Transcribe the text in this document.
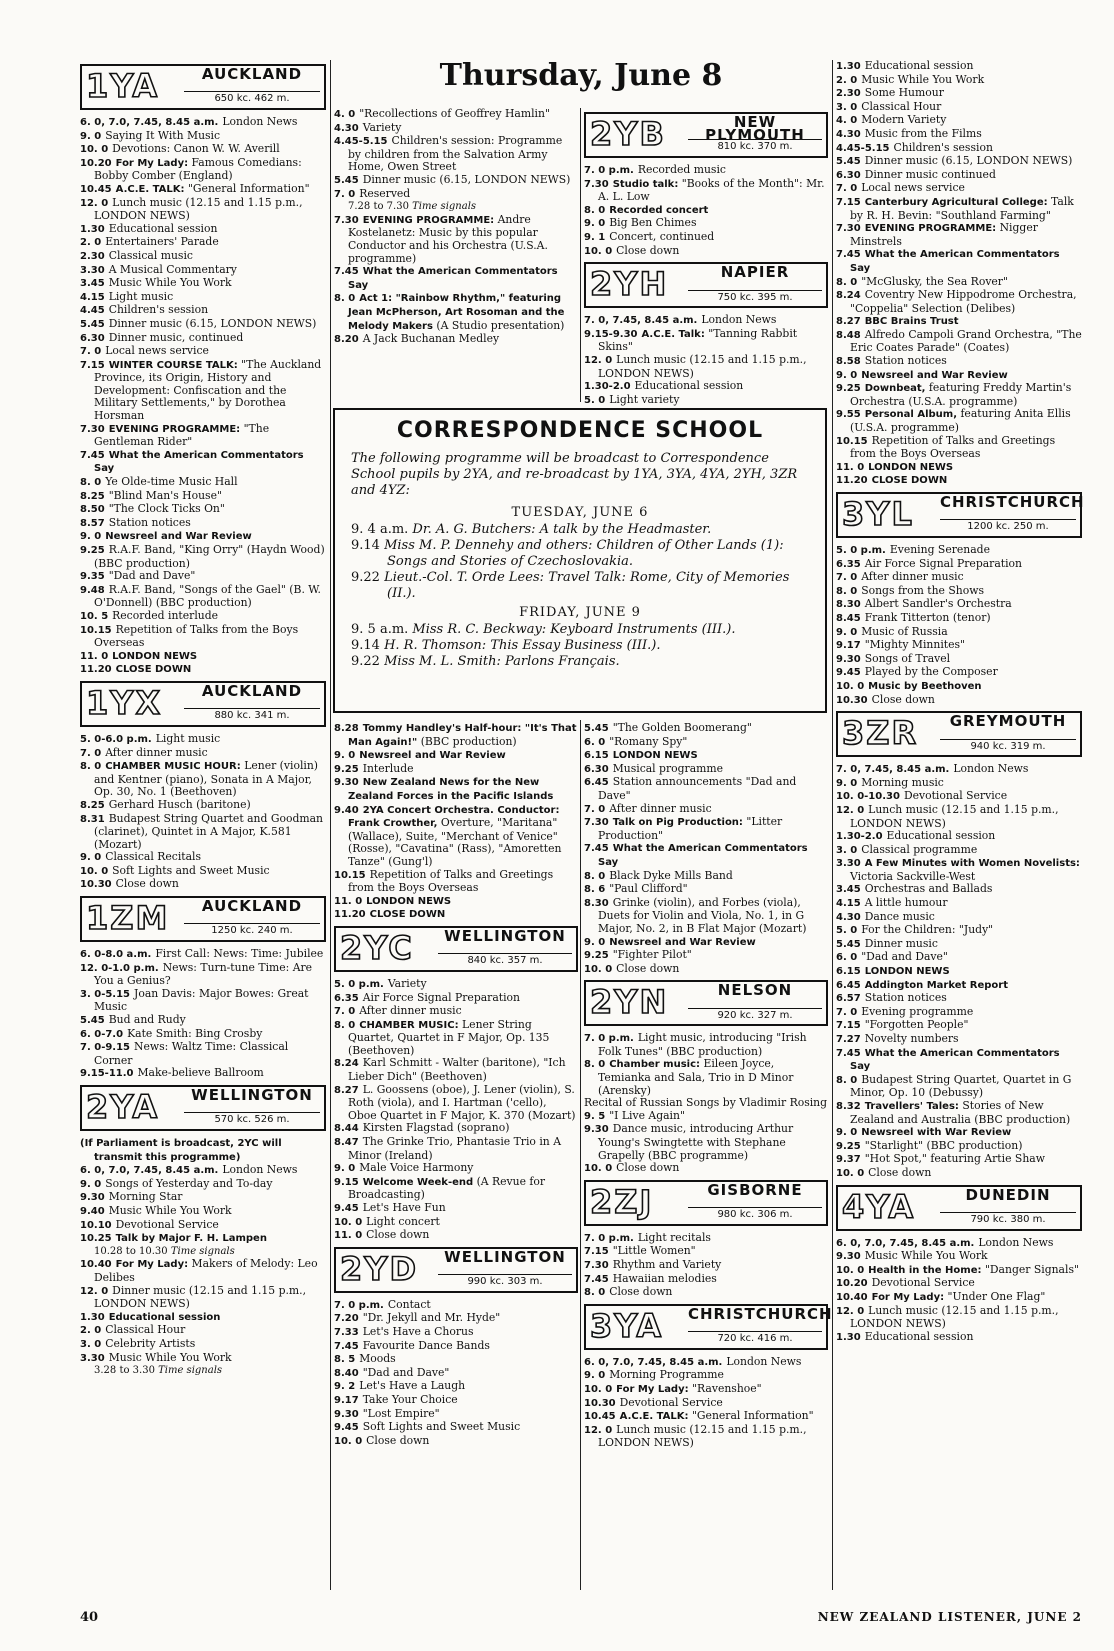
Thursday, June 8
1YA	AUCKLAND
650 kc. 462 m.

6. 0, 7.0, 7.45, 8.45 a.m. London News

9. 0 Saying It With Music

10. 0 Devotions: Canon W. W. Averill

10.20 For My Lady: Famous Comedians: Bobby Comber (England)

10.45 A.C.E. TALK: "General Information"

12. 0 Lunch music (12.15 and 1.15 p.m., LONDON NEWS)

1.30 Educational session

2. 0 Entertainers' Parade

2.30 Classical music

3.30 A Musical Commentary

3.45 Music While You Work

4.15 Light music

4.45 Children's session

5.45 Dinner music (6.15, LONDON NEWS)

6.30 Dinner music, continued

7. 0 Local news service

7.15 WINTER COURSE TALK: "The Auckland Province, its Origin, History and Development: Confiscation and the Military Settlements," by Dorothea Horsman

7.30 EVENING PROGRAMME: "The Gentleman Rider"

7.45 What the American Commentators Say

8. 0 Ye Olde-time Music Hall

8.25 "Blind Man's House"

8.50 "The Clock Ticks On"

8.57 Station notices

9. 0 Newsreel and War Review

9.25 R.A.F. Band, "King Orry" (Haydn Wood) (BBC production)

9.35 "Dad and Dave"

9.48 R.A.F. Band, "Songs of the Gael" (B. W. O'Donnell) (BBC production)

10. 5 Recorded interlude

10.15 Repetition of Talks from the Boys Overseas

11. 0 LONDON NEWS

11.20 CLOSE DOWN

1YX	AUCKLAND
880 kc. 341 m.

5. 0-6.0 p.m. Light music

7. 0 After dinner music

8. 0 CHAMBER MUSIC HOUR: Lener (violin) and Kentner (piano), Sonata in A Major, Op. 30, No. 1 (Beethoven)

8.25 Gerhard Husch (baritone)

8.31 Budapest String Quartet and Goodman (clarinet), Quintet in A Major, K.581 (Mozart)

9. 0 Classical Recitals

10. 0 Soft Lights and Sweet Music

10.30 Close down

1ZM	AUCKLAND
1250 kc. 240 m.

6. 0-8.0 a.m. First Call: News: Time: Jubilee

12. 0-1.0 p.m. News: Turn-tune Time: Are You a Genius?

3. 0-5.15 Joan Davis: Major Bowes: Great Music

5.45 Bud and Rudy

6. 0-7.0 Kate Smith: Bing Crosby

7. 0-9.15 News: Waltz Time: Classical Corner

9.15-11.0 Make-believe Ballroom

2YA	WELLINGTON
570 kc. 526 m.

(If Parliament is broadcast, 2YC will transmit this programme)

6. 0, 7.0, 7.45, 8.45 a.m. London News

9. 0 Songs of Yesterday and To-day

9.30 Morning Star

9.40 Music While You Work

10.10 Devotional Service

10.25 Talk by Major F. H. Lampen

10.28 to 10.30 Time signals

10.40 For My Lady: Makers of Melody: Leo Delibes

12. 0 Dinner music (12.15 and 1.15 p.m., LONDON NEWS)

1.30 Educational session

2. 0 Classical Hour

3. 0 Celebrity Artists

3.30 Music While You Work

3.28 to 3.30 Time signals

4. 0 "Recollections of Geoffrey Hamlin"

4.30 Variety

4.45-5.15 Children's session: Programme by children from the Salvation Army Home, Owen Street

5.45 Dinner music (6.15, LONDON NEWS)

7. 0 Reserved

7.28 to 7.30 Time signals

7.30 EVENING PROGRAMME: Andre Kostelanetz: Music by this popular Conductor and his Orchestra (U.S.A. programme)

7.45 What the American Commentators Say

8. 0 Act 1: "Rainbow Rhythm," featuring Jean McPherson, Art Rosoman and the Melody Makers (A Studio presentation)

8.20 A Jack Buchanan Medley

2YB	NEW PLYMOUTH
810 kc. 370 m.

7. 0 p.m. Recorded music

7.30 Studio talk: "Books of the Month": Mr. A. L. Low

8. 0 Recorded concert

9. 0 Big Ben Chimes

9. 1 Concert, continued

10. 0 Close down

2YH	NAPIER
750 kc. 395 m.

7. 0, 7.45, 8.45 a.m. London News

9.15-9.30 A.C.E. Talk: "Tanning Rabbit Skins"

12. 0 Lunch music (12.15 and 1.15 p.m., LONDON NEWS)

1.30-2.0 Educational session

5. 0 Light variety

8.28 Tommy Handley's Half-hour: "It's That Man Again!" (BBC production)

9. 0 Newsreel and War Review

9.25 Interlude

9.30 New Zealand News for the New Zealand Forces in the Pacific Islands

9.40 2YA Concert Orchestra. Conductor: Frank Crowther, Overture, "Maritana" (Wallace), Suite, "Merchant of Venice" (Rosse), "Cavatina" (Rass), "Amoretten Tanze" (Gung'l)

10.15 Repetition of Talks and Greetings from the Boys Overseas

11. 0 LONDON NEWS

11.20 CLOSE DOWN

2YC	WELLINGTON
840 kc. 357 m.

5. 0 p.m. Variety

6.35 Air Force Signal Preparation

7. 0 After dinner music

8. 0 CHAMBER MUSIC: Lener String Quartet, Quartet in F Major, Op. 135 (Beethoven)

8.24 Karl Schmitt - Walter (baritone), "Ich Lieber Dich" (Beethoven)

8.27 L. Goossens (oboe), J. Lener (violin), S. Roth (viola), and I. Hartman ('cello), Oboe Quartet in F Major, K. 370 (Mozart)

8.44 Kirsten Flagstad (soprano)

8.47 The Grinke Trio, Phantasie Trio in A Minor (Ireland)

9. 0 Male Voice Harmony

9.15 Welcome Week-end (A Revue for Broadcasting)

9.45 Let's Have Fun

10. 0 Light concert

11. 0 Close down

2YD	WELLINGTON
990 kc. 303 m.

7. 0 p.m. Contact

7.20 "Dr. Jekyll and Mr. Hyde"

7.33 Let's Have a Chorus

7.45 Favourite Dance Bands

8. 5 Moods

8.40 "Dad and Dave"

9. 2 Let's Have a Laugh

9.17 Take Your Choice

9.30 "Lost Empire"

9.45 Soft Lights and Sweet Music

10. 0 Close down

5.45 "The Golden Boomerang"

6. 0 "Romany Spy"

6.15 LONDON NEWS

6.30 Musical programme

6.45 Station announcements "Dad and Dave"

7. 0 After dinner music

7.30 Talk on Pig Production: "Litter Production"

7.45 What the American Commentators Say

8. 0 Black Dyke Mills Band

8. 6 "Paul Clifford"

8.30 Grinke (violin), and Forbes (viola), Duets for Violin and Viola, No. 1, in G Major, No. 2, in B Flat Major (Mozart)

9. 0 Newsreel and War Review

9.25 "Fighter Pilot"

10. 0 Close down

2YN	NELSON
920 kc. 327 m.

7. 0 p.m. Light music, introducing "Irish Folk Tunes" (BBC production)

8. 0 Chamber music: Eileen Joyce, Temianka and Sala, Trio in D Minor (Arensky)

Recital of Russian Songs by Vladimir Rosing

9. 5 "I Live Again"

9.30 Dance music, introducing Arthur Young's Swingtette with Stephane Grapelly (BBC programme)

10. 0 Close down

2ZJ	GISBORNE
980 kc. 306 m.

7. 0 p.m. Light recitals

7.15 "Little Women"

7.30 Rhythm and Variety

7.45 Hawaiian melodies

8. 0 Close down

3YA CHRISTCHURCH
720 kc. 416 m.

6. 0, 7.0, 7.45, 8.45 a.m. London News

9. 0 Morning Programme

10. 0 For My Lady: "Ravenshoe"

10.30 Devotional Service

10.45 A.C.E. TALK: "General Information"

12. 0 Lunch music (12.15 and 1.15 p.m., LONDON NEWS)

1.30 Educational session

2. 0 Music While You Work

2.30 Some Humour

3. 0 Classical Hour

4. 0 Modern Variety

4.30 Music from the Films

4.45-5.15 Children's session

5.45 Dinner music (6.15, LONDON NEWS)

6.30 Dinner music continued

7. 0 Local news service

7.15 Canterbury Agricultural College: Talk by R. H. Bevin: "Southland Farming"

7.30 EVENING PROGRAMME: Nigger Minstrels

7.45 What the American Commentators Say

8. 0 "McGlusky, the Sea Rover"

8.24 Coventry New Hippodrome Orchestra, "Coppelia" Selection (Delibes)

8.27 BBC Brains Trust

8.48 Alfredo Campoli Grand Orchestra, "The Eric Coates Parade" (Coates)

8.58 Station notices

9. 0 Newsreel and War Review

9.25 Downbeat, featuring Freddy Martin's Orchestra (U.S.A. programme)

9.55 Personal Album, featuring Anita Ellis (U.S.A. programme)

10.15 Repetition of Talks and Greetings from the Boys Overseas

11. 0 LONDON NEWS

11.20 CLOSE DOWN

3YL CHRISTCHURCH
1200 kc. 250 m.

5. 0 p.m. Evening Serenade

6.35 Air Force Signal Preparation

7. 0 After dinner music

8. 0 Songs from the Shows

8.30 Albert Sandler's Orchestra

8.45 Frank Titterton (tenor)

9. 0 Music of Russia

9.17 "Mighty Minnites"

9.30 Songs of Travel

9.45 Played by the Composer

10. 0 Music by Beethoven

10.30 Close down

3ZR	GREYMOUTH
940 kc. 319 m.

7. 0, 7.45, 8.45 a.m. London News

9. 0 Morning music

10. 0-10.30 Devotional Service

12. 0 Lunch music (12.15 and 1.15 p.m., LONDON NEWS)

1.30-2.0 Educational session

3. 0 Classical programme

3.30 A Few Minutes with Women Novelists: Victoria Sackville-West

3.45 Orchestras and Ballads

4.15 A little humour

4.30 Dance music

5. 0 For the Children: "Judy"

5.45 Dinner music

6. 0 "Dad and Dave"

6.15 LONDON NEWS

6.45 Addington Market Report

6.57 Station notices

7. 0 Evening programme

7.15 "Forgotten People"

7.27 Novelty numbers

7.45 What the American Commentators Say

8. 0 Budapest String Quartet, Quartet in G Minor, Op. 10 (Debussy)

8.32 Travellers' Tales: Stories of New Zealand and Australia (BBC production)

9. 0 Newsreel with War Review

9.25 "Starlight" (BBC production)

9.37 "Hot Spot," featuring Artie Shaw

10. 0 Close down

4YA	DUNEDIN
790 kc. 380 m.

6. 0, 7.0, 7.45, 8.45 a.m. London News

9.30 Music While You Work

10. 0 Health in the Home: "Danger Signals"

10.20 Devotional Service

10.40 For My Lady: "Under One Flag"

12. 0 Lunch music (12.15 and 1.15 p.m., LONDON NEWS)

1.30 Educational session

CORRESPONDENCE SCHOOL

The following programme will be broadcast to Correspondence School pupils by 2YA, and re-broadcast by 1YA, 3YA, 4YA, 2YH, 3ZR and 4YZ:

TUESDAY, JUNE 6

9. 4 a.m. Dr. A. G. Butchers: A talk by the Headmaster.

9.14 Miss M. P. Dennehy and others: Children of Other Lands (1): Songs and Stories of Czechoslovakia.

9.22 Lieut.-Col. T. Orde Lees: Travel Talk: Rome, City of Memories (II.).

FRIDAY, JUNE 9

9. 5 a.m. Miss R. C. Beckway: Keyboard Instruments (III.).

9.14 H. R. Thomson: This Essay Business (III.).

9.22 Miss M. L. Smith: Parlons Français.

40	NEW ZEALAND LISTENER, JUNE 2
